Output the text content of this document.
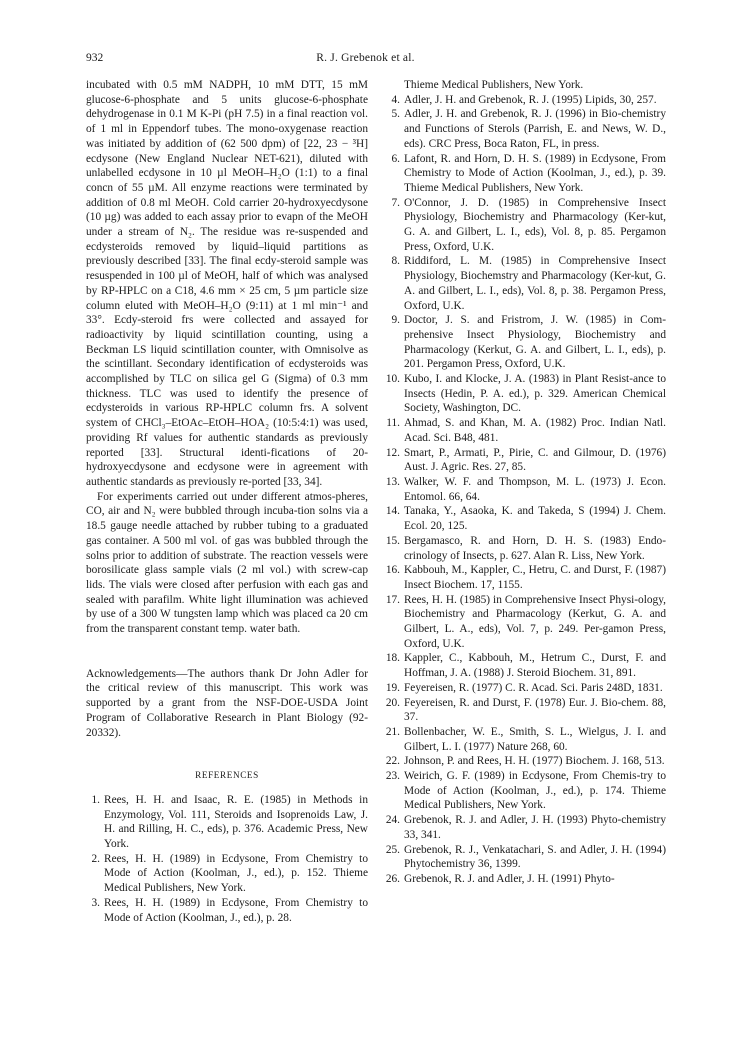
932	R. J. Grebenok et al.

incubated with 0.5 mM NADPH, 10 mM DTT, 15 mM glucose-6-phosphate and 5 units glucose-6-phosphate dehydrogenase in 0.1 M K-Pi (pH 7.5) in a final reaction vol. of 1 ml in Eppendorf tubes. The mono-oxygenase reaction was initiated by addition of (62 500 dpm) of [22, 23 − ³H] ecdysone (New England Nuclear NET-621), diluted with unlabelled ecdysone in 10 µl MeOH–H₂O (1:1) to a final concn of 55 µM. All enzyme reactions were terminated by addition of 0.8 ml MeOH. Cold carrier 20-hydroxyecdysone (10 µg) was added to each assay prior to evapn of the MeOH under a stream of N₂. The residue was re-suspended and ecdysteroids removed by liquid–liquid partitions as previously described [33]. The final ecdy-steroid sample was resuspended in 100 µl of MeOH, half of which was analysed by RP-HPLC on a C18, 4.6 mm × 25 cm, 5 µm particle size column eluted with MeOH–H₂O (9:11) at 1 ml min⁻¹ and 33°. Ecdy-steroid frs were collected and assayed for radioactivity by liquid scintillation counting, using a Beckman LS liquid scintillation counter, with Omnisolve as the scintillant. Secondary identification of ecdysteroids was accomplished by TLC on silica gel G (Sigma) of 0.3 mm thickness. TLC was used to identify the presence of ecdysteroids in various RP-HPLC column frs. A solvent system of CHCl₃–EtOAc–EtOH–HOA₂ (10:5:4:1) was used, providing Rf values for authentic standards as previously reported [33]. Structural identi-fications of 20-hydroxyecdysone and ecdysone were in agreement with authentic standards as previously re-ported [33, 34].

For experiments carried out under different atmos-pheres, CO, air and N₂ were bubbled through incuba-tion solns via a 18.5 gauge needle attached by rubber tubing to a graduated gas container. A 500 ml vol. of gas was bubbled through the solns prior to addition of substrate. The reaction vessels were borosilicate glass sample vials (2 ml vol.) with screw-cap lids. The vials were closed after perfusion with each gas and sealed with parafilm. White light illumination was achieved by use of a 300 W tungsten lamp which was placed ca 20 cm from the transparent constant temp. water bath.

Acknowledgements—The authors thank Dr John Adler for the critical review of this manuscript. This work was supported by a grant from the NSF-DOE-USDA Joint Program of Collaborative Research in Plant Biology (92-20332).

REFERENCES
1. Rees, H. H. and Isaac, R. E. (1985) in Methods in Enzymology, Vol. 111, Steroids and Isoprenoids Law, J. H. and Rilling, H. C., eds), p. 376. Academic Press, New York.
2. Rees, H. H. (1989) in Ecdysone, From Chemistry to Mode of Action (Koolman, J., ed.), p. 152. Thieme Medical Publishers, New York.
3. Rees, H. H. (1989) in Ecdysone, From Chemistry to Mode of Action (Koolman, J., ed.), p. 28.

Thieme Medical Publishers, New York.

4. Adler, J. H. and Grebenok, R. J. (1995) Lipids, 30, 257.
5. Adler, J. H. and Grebenok, R. J. (1996) in Bio-chemistry and Functions of Sterols (Parrish, E. and News, W. D., eds). CRC Press, Boca Raton, FL, in press.
6. Lafont, R. and Horn, D. H. S. (1989) in Ecdysone, From Chemistry to Mode of Action (Koolman, J., ed.), p. 39. Thieme Medical Publishers, New York.
7. O'Connor, J. D. (1985) in Comprehensive Insect Physiology, Biochemistry and Pharmacology (Ker-kut, G. A. and Gilbert, L. I., eds), Vol. 8, p. 85. Pergamon Press, Oxford, U.K.
8. Riddiford, L. M. (1985) in Comprehensive Insect Physiology, Biochemstry and Pharmacology (Ker-kut, G. A. and Gilbert, L. I., eds), Vol. 8, p. 38. Pergamon Press, Oxford, U.K.
9. Doctor, J. S. and Fristrom, J. W. (1985) in Com-prehensive Insect Physiology, Biochemistry and Pharmacology (Kerkut, G. A. and Gilbert, L. I., eds), p. 201. Pergamon Press, Oxford, U.K.
10. Kubo, I. and Klocke, J. A. (1983) in Plant Resist-ance to Insects (Hedin, P. A. ed.), p. 329. American Chemical Society, Washington, DC.
11. Ahmad, S. and Khan, M. A. (1982) Proc. Indian Natl. Acad. Sci. B48, 481.
12. Smart, P., Armati, P., Pirie, C. and Gilmour, D. (1976) Aust. J. Agric. Res. 27, 85.
13. Walker, W. F. and Thompson, M. L. (1973) J. Econ. Entomol. 66, 64.
14. Tanaka, Y., Asaoka, K. and Takeda, S (1994) J. Chem. Ecol. 20, 125.
15. Bergamasco, R. and Horn, D. H. S. (1983) Endo-crinology of Insects, p. 627. Alan R. Liss, New York.
16. Kabbouh, M., Kappler, C., Hetru, C. and Durst, F. (1987) Insect Biochem. 17, 1155.
17. Rees, H. H. (1985) in Comprehensive Insect Physi-ology, Biochemistry and Pharmacology (Kerkut, G. A. and Gilbert, L. A., eds), Vol. 7, p. 249. Per-gamon Press, Oxford, U.K.
18. Kappler, C., Kabbouh, M., Hetrum C., Durst, F. and Hoffman, J. A. (1988) J. Steroid Biochem. 31, 891.
19. Feyereisen, R. (1977) C. R. Acad. Sci. Paris 248D, 1831.
20. Feyereisen, R. and Durst, F. (1978) Eur. J. Bio-chem. 88, 37.
21. Bollenbacher, W. E., Smith, S. L., Wielgus, J. I. and Gilbert, L. I. (1977) Nature 268, 60.
22. Johnson, P. and Rees, H. H. (1977) Biochem. J. 168, 513.
23. Weirich, G. F. (1989) in Ecdysone, From Chemis-try to Mode of Action (Koolman, J., ed.), p. 174. Thieme Medical Publishers, New York.
24. Grebenok, R. J. and Adler, J. H. (1993) Phyto-chemistry 33, 341.
25. Grebenok, R. J., Venkatachari, S. and Adler, J. H. (1994) Phytochemistry 36, 1399.
26. Grebenok, R. J. and Adler, J. H. (1991) Phyto-
